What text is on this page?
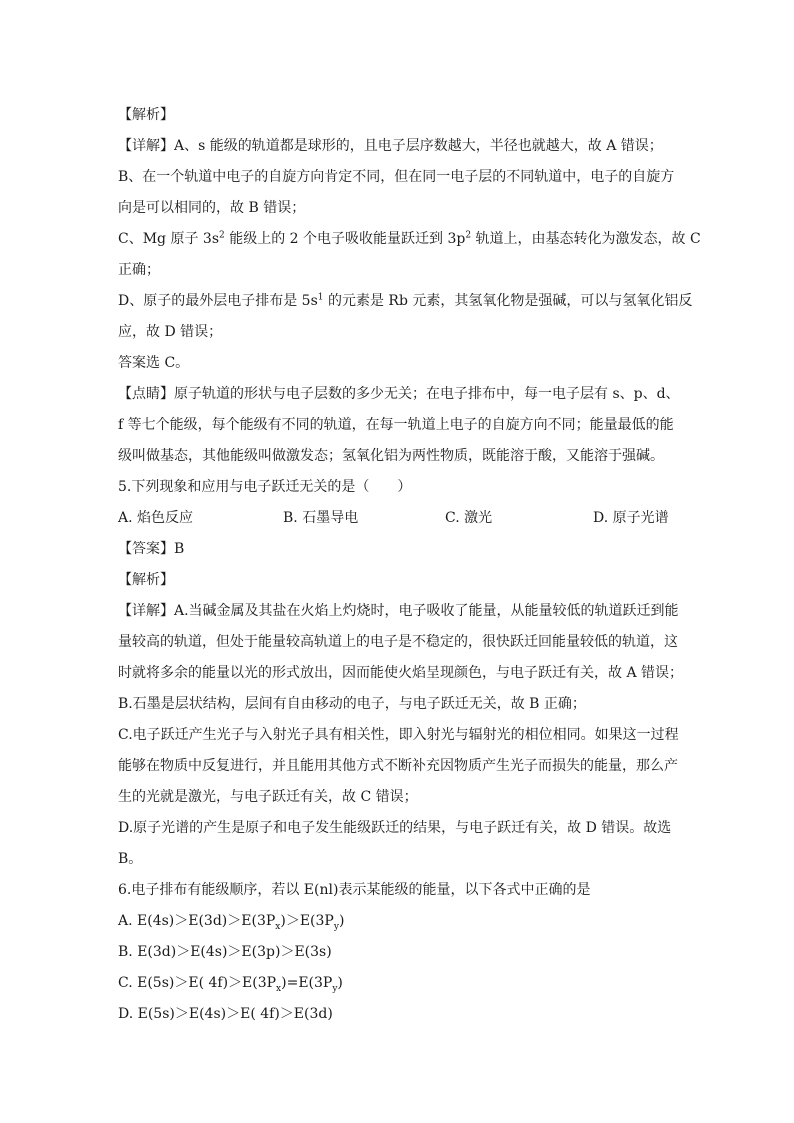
【解析】
【详解】A、s 能级的轨道都是球形的，且电子层序数越大，半径也就越大，故 A 错误；
B、在一个轨道中电子的自旋方向肯定不同，但在同一电子层的不同轨道中，电子的自旋方
向是可以相同的，故 B 错误；
C、Mg 原子 $3s^2$ 能级上的 2 个电子吸收能量跃迁到 $3p^2$ 轨道上，由基态转化为激发态，故 C
正确；
D、原子的最外层电子排布是 $5s^1$ 的元素是 Rb 元素，其氢氧化物是强碱，可以与氢氧化铝反
应，故 D 错误；
答案选 C。
【点睛】原子轨道的形状与电子层数的多少无关；在电子排布中，每一电子层有 s、p、d、
f 等七个能级，每个能级有不同的轨道，在每一轨道上电子的自旋方向不同；能量最低的能
级叫做基态，其他能级叫做激发态；氢氧化铝为两性物质，既能溶于酸，又能溶于强碱。
5.下列现象和应用与电子跃迁无关的是（　　）
A. 焰色反应	B. 石墨导电	C. 激光	D. 原子光谱
【答案】B
【解析】
【详解】A.当碱金属及其盐在火焰上灼烧时，电子吸收了能量，从能量较低的轨道跃迁到能
量较高的轨道，但处于能量较高轨道上的电子是不稳定的，很快跃迁回能量较低的轨道，这
时就将多余的能量以光的形式放出，因而能使火焰呈现颜色，与电子跃迁有关，故 A 错误；
B.石墨是层状结构，层间有自由移动的电子，与电子跃迁无关，故 B 正确；
C.电子跃迁产生光子与入射光子具有相关性，即入射光与辐射光的相位相同。如果这一过程
能够在物质中反复进行，并且能用其他方式不断补充因物质产生光子而损失的能量，那么产
生的光就是激光，与电子跃迁有关，故 C 错误；
D.原子光谱的产生是原子和电子发生能级跃迁的结果，与电子跃迁有关，故 D 错误。故选
B。
6.电子排布有能级顺序，若以 E(nl)表示某能级的能量，以下各式中正确的是
A. $E(4s)>E(3d)>E(3P_x)>E(3P_y)$
B. E(3d)＞E(4s)＞E(3p)＞E(3s)
C. E(5s)＞E( $4f)>E(3P_x)=E(3P_y)$
D. E(5s)＞E(4s)＞E( 4f)＞E(3d)
